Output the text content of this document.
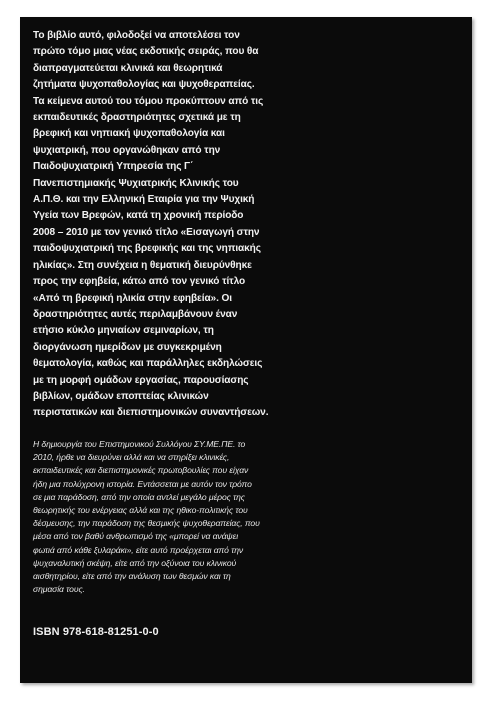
Το βιβλίο αυτό, φιλοδοξεί να αποτελέσει τον
πρώτο τόμο μιας νέας εκδοτικής σειράς, που θα
διαπραγματεύεται κλινικά και θεωρητικά
ζητήματα ψυχοπαθολογίας και ψυχοθεραπείας.
Τα κείμενα αυτού του τόμου προκύπτουν από τις
εκπαιδευτικές δραστηριότητες σχετικά με τη
βρεφική και νηπιακή ψυχοπαθολογία και
ψυχιατρική, που οργανώθηκαν από την
Παιδοψυχιατρική Υπηρεσία της Γ΄
Πανεπιστημιακής Ψυχιατρικής Κλινικής του
Α.Π.Θ. και την Ελληνική Εταιρία για την Ψυχική
Υγεία των Βρεφών, κατά τη χρονική περίοδο
2008 – 2010 με τον γενικό τίτλο «Εισαγωγή στην
παιδοψυχιατρική της βρεφικής και της νηπιακής
ηλικίας». Στη συνέχεια η θεματική διευρύνθηκε
προς την εφηβεία, κάτω από τον γενικό τίτλο
«Από τη βρεφική ηλικία στην εφηβεία». Οι
δραστηριότητες αυτές περιλαμβάνουν έναν
ετήσιο κύκλο μηνιαίων σεμιναρίων, τη
διοργάνωση ημερίδων με συγκεκριμένη
θεματολογία, καθώς και παράλληλες εκδηλώσεις
με τη μορφή ομάδων εργασίας, παρουσίασης
βιβλίων, ομάδων εποπτείας κλινικών
περιστατικών και διεπιστημονικών συναντήσεων.

Η δημιουργία του Επιστημονικού Συλλόγου ΣΥ.ΜΕ.ΠΕ. το
2010, ήρθε να διευρύνει αλλά και να στηρίξει κλινικές,
εκπαιδευτικές και διεπιστημονικές πρωτοβουλίες που είχαν
ήδη μια πολύχρονη ιστορία. Εντάσσεται με αυτόν τον τρόπο
σε μια παράδοση, από την οποία αντλεί μεγάλο μέρος της
θεωρητικής του ενέργειας αλλά και της ηθικο-πολιτικής του
δέσμευσης, την παράδοση της θεσμικής ψυχοθεραπείας, που
μέσα από τον βαθύ ανθρωπισμό της «μπορεί να ανάψει
φωτιά από κάθε ξυλαράκι», είτε αυτό προέρχεται από την
ψυχαναλυτική σκέψη, είτε από την οξύνοια του κλινικού
αισθητηρίου, είτε από την ανάλυση των θεσμών και τη
σημασία τους.

ISBN 978-618-81251-0-0
